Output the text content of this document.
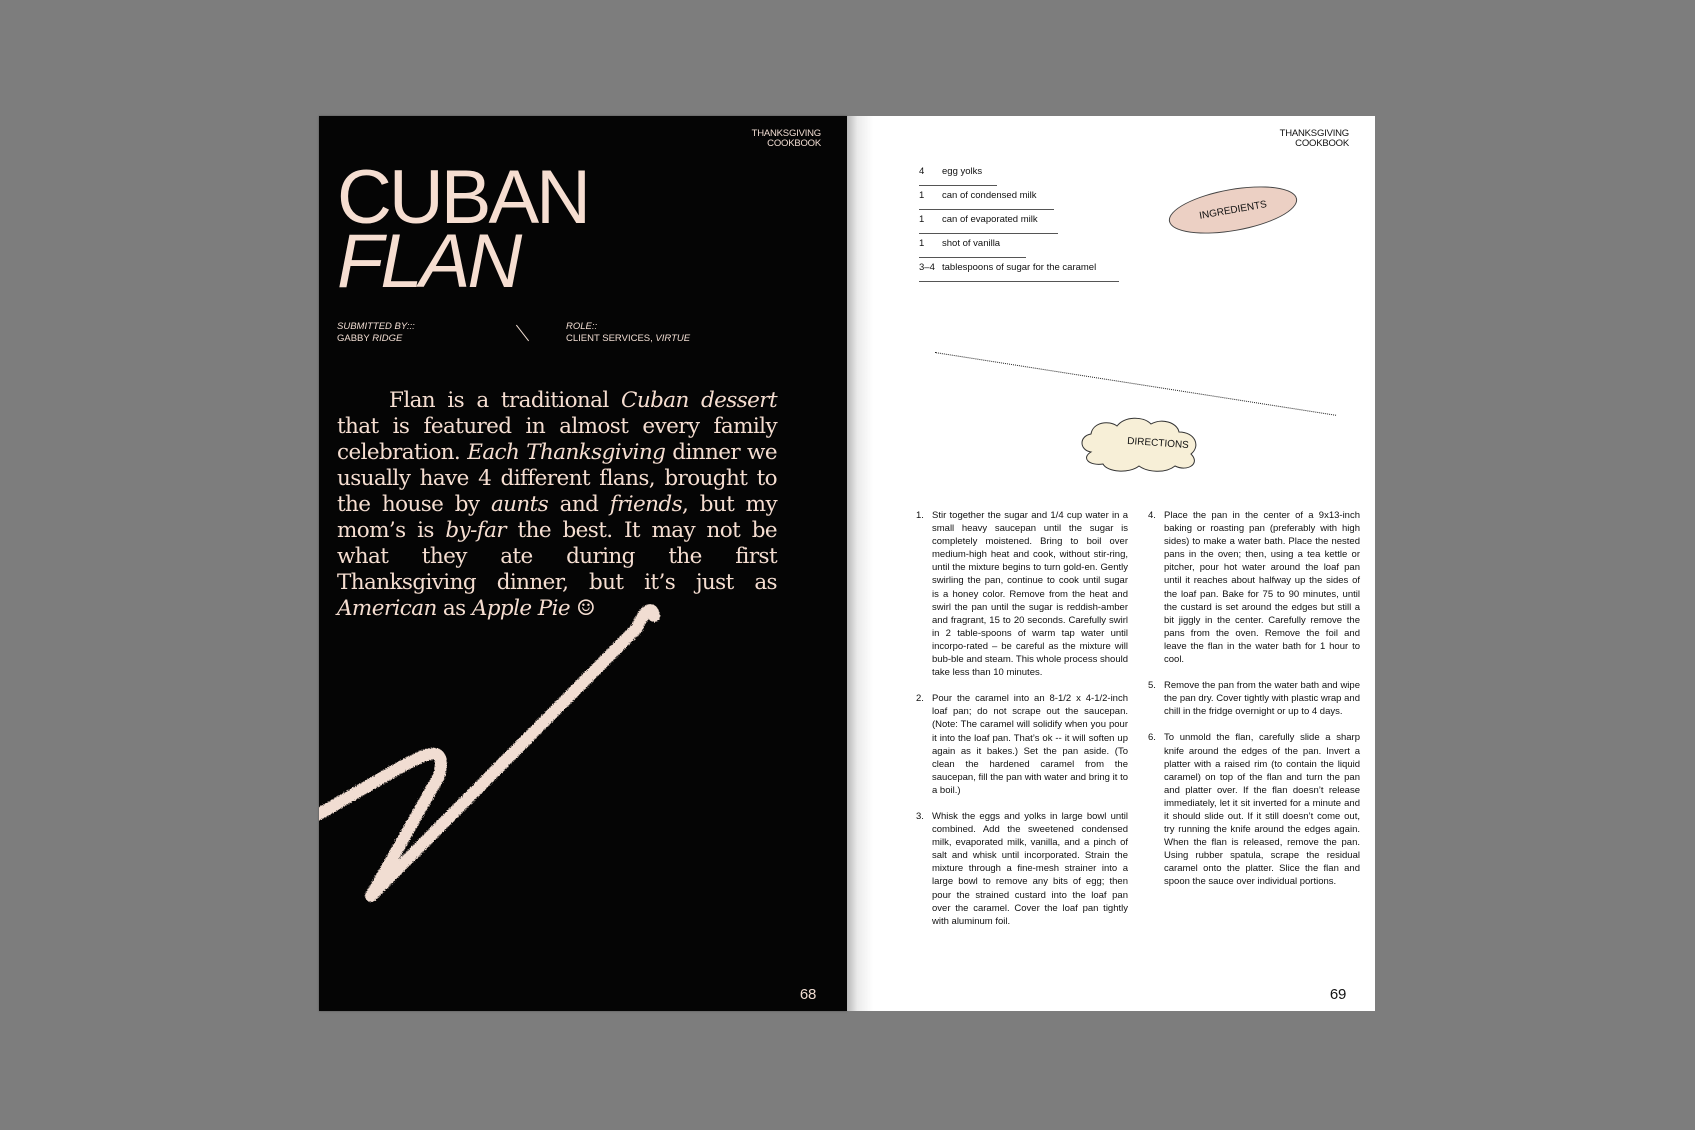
THANKSGIVING
COOKBOOK
CUBAN
FLAN
SUBMITTED BY:::
GABBY RIDGE
ROLE::
CLIENT SERVICES, VIRTUE
Flan is a traditional Cuban dessert that is featured in almost every family celebration. Each Thanksgiving dinner we usually have 4 different flans, brought to the house by aunts and friends, but my mom’s is by-far the best. It may not be what they ate during the first Thanksgiving dinner, but it’s just as American as Apple Pie ☺
68
THANKSGIVING
COOKBOOK
4 egg yolks
1 can of condensed milk
1 can of evaporated milk
1 shot of vanilla
3–4 tablespoons of sugar for the caramel
INGREDIENTS
DIRECTIONS
1. Stir together the sugar and 1/4 cup water in a small heavy saucepan until the sugar is completely moistened. Bring to boil over medium-high heat and cook, without stir-ring, until the mixture begins to turn gold-en. Gently swirling the pan, continue to cook until sugar is a honey color. Remove from the heat and swirl the pan until the sugar is reddish-amber and fragrant, 15 to 20 seconds. Carefully swirl in 2 table-spoons of warm tap water until incorpo-rated – be careful as the mixture will bub-ble and steam. This whole process should take less than 10 minutes.
2. Pour the caramel into an 8-1/2 x 4-1/2-inch loaf pan; do not scrape out the saucepan. (Note: The caramel will solidify when you pour it into the loaf pan. That’s ok -- it will soften up again as it bakes.) Set the pan aside. (To clean the hardened caramel from the saucepan, fill the pan with water and bring it to a boil.)
3. Whisk the eggs and yolks in large bowl until combined. Add the sweetened condensed milk, evaporated milk, vanilla, and a pinch of salt and whisk until incorporated. Strain the mixture through a fine-mesh strainer into a large bowl to remove any bits of egg; then pour the strained custard into the loaf pan over the caramel. Cover the loaf pan tightly with aluminum foil.
4. Place the pan in the center of a 9x13-inch baking or roasting pan (preferably with high sides) to make a water bath. Place the nested pans in the oven; then, using a tea kettle or pitcher, pour hot water around the loaf pan until it reaches about halfway up the sides of the loaf pan. Bake for 75 to 90 minutes, until the custard is set around the edges but still a bit jiggly in the center. Carefully remove the pans from the oven. Remove the foil and leave the flan in the water bath for 1 hour to cool.
5. Remove the pan from the water bath and wipe the pan dry. Cover tightly with plastic wrap and chill in the fridge overnight or up to 4 days.
6. To unmold the flan, carefully slide a sharp knife around the edges of the pan. Invert a platter with a raised rim (to contain the liquid caramel) on top of the flan and turn the pan and platter over. If the flan doesn’t release immediately, let it sit inverted for a minute and it should slide out. If it still doesn’t come out, try running the knife around the edges again. When the flan is released, remove the pan. Using rubber spatula, scrape the residual caramel onto the platter. Slice the flan and spoon the sauce over individual portions.
69
